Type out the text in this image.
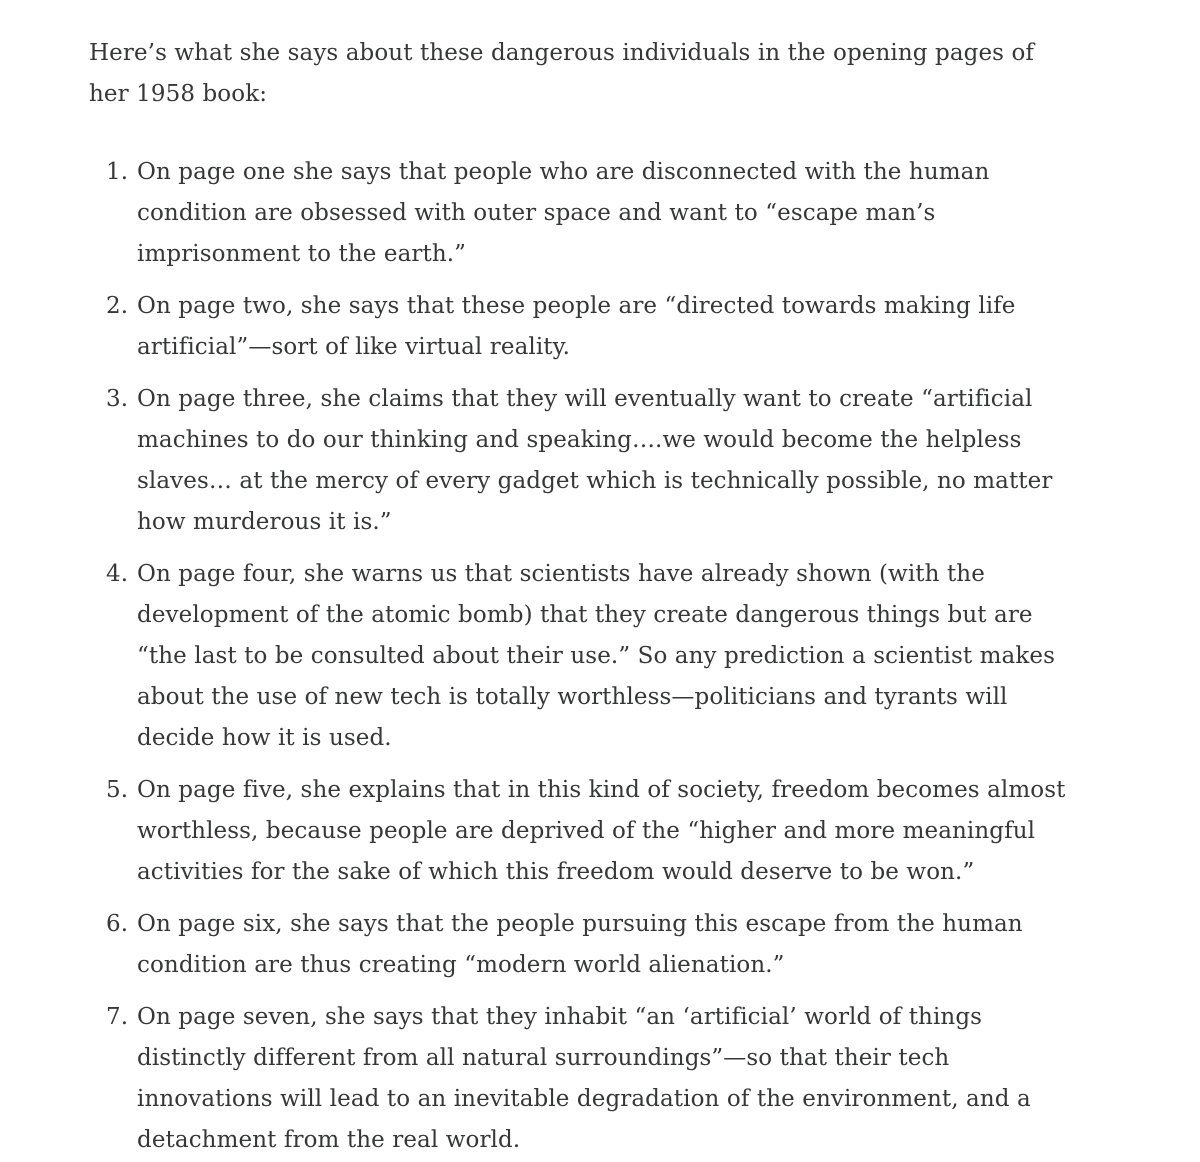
Here’s what she says about these dangerous individuals in the opening pages of her 1958 book:

1. On page one she says that people who are disconnected with the human condition are obsessed with outer space and want to “escape man’s imprisonment to the earth.”
2. On page two, she says that these people are “directed towards making life artificial”—sort of like virtual reality.
3. On page three, she claims that they will eventually want to create “artificial machines to do our thinking and speaking….we would become the helpless slaves… at the mercy of every gadget which is technically possible, no matter how murderous it is.”
4. On page four, she warns us that scientists have already shown (with the development of the atomic bomb) that they create dangerous things but are “the last to be consulted about their use.” So any prediction a scientist makes about the use of new tech is totally worthless—politicians and tyrants will decide how it is used.
5. On page five, she explains that in this kind of society, freedom becomes almost worthless, because people are deprived of the “higher and more meaningful activities for the sake of which this freedom would deserve to be won.”
6. On page six, she says that the people pursuing this escape from the human condition are thus creating “modern world alienation.”
7. On page seven, she says that they inhabit “an ‘artificial’ world of things distinctly different from all natural surroundings”—so that their tech innovations will lead to an inevitable degradation of the environment, and a detachment from the real world.
